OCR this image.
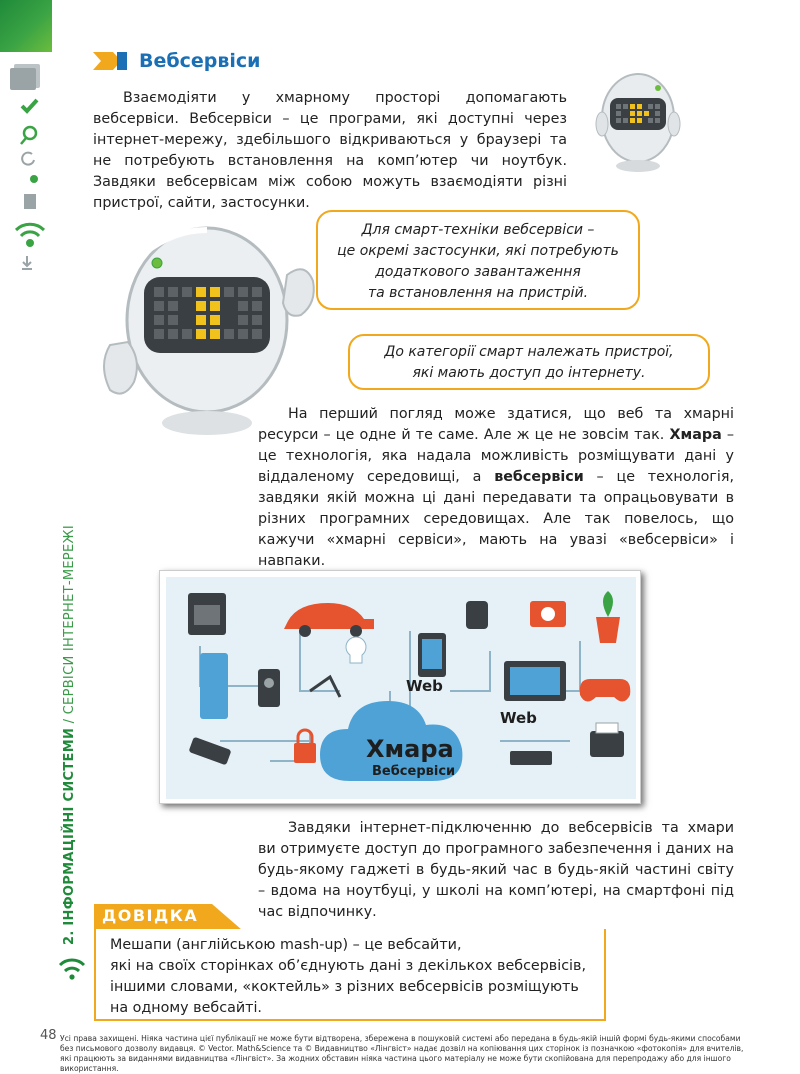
2. ІНФОРМАЦІЙНІ СИСТЕМИ / СЕРВІСИ ІНТЕРНЕТ-МЕРЕЖІ
Вебсервіси

Взаємодіяти у хмарному просторі допомагають вебсервіси. Вебсервіси – це програми, які доступні через інтернет-мережу, здебільшого відкриваються у браузері та не потребують встановлення на комп’ютер чи ноутбук. Завдяки вебсервісам між собою можуть взаємодіяти різні пристрої, сайти, застосунки.

Для смарт-техніки вебсервіси –
це окремі застосунки, які потребують
додаткового завантаження
та встановлення на пристрій.
До категорії смарт належать пристрої,
які мають доступ до інтернету.

На перший погляд може здатися, що веб та хмарні ресурси – це одне й те саме. Але ж це не зовсім так. Хмара – це технологія, яка надала можливість розміщувати дані у віддаленому середовищі, а вебсервіси – це технологія, завдяки якій можна ці дані передавати та опрацьовувати в різних програмних середовищах. Але так повелось, що кажучи «хмарні сервіси», мають на увазі «вебсервіси» і навпаки.

Web
Web
Хмара
Вебсервіси

Завдяки інтернет-підключенню до вебсервісів та хмари ви отримуєте доступ до програмного забезпечення і даних на будь-якому гаджеті в будь-який час в будь-якій частині світу – вдома на ноутбуці, у школі на комп’ютері, на смартфоні під час відпочинку.

ДОВІДКА
Мешапи (англійською mash-up) – це вебсайти,
які на своїх сторінках об’єднують дані з декількох вебсервісів,
іншими словами, «коктейль» з різних вебсервісів розміщують
на одному вебсайті.
48 Усі права захищені. Ніяка частина цієї публікації не може бути відтворена, збережена в пошуковій системі або передана в будь-якій іншій формі будь-якими способами без письмового дозволу видавця. © Vector. Math&Science та © Видавництво «Лінгвіст» надає дозвіл на копіювання цих сторінок із позначкою «фотокопія» для вчителів, які працюють за виданнями видавництва «Лінгвіст». За жодних обставин ніяка частина цього матеріалу не може бути скопійована для перепродажу або для іншого використання.
